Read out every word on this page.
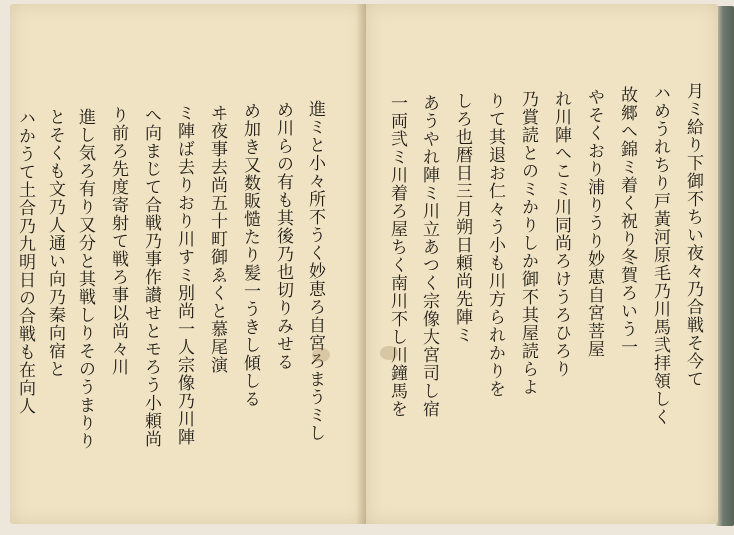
進ミと小々所不うく妙恵ろ自宮ろまうミし
め川らの有も其後乃也切りみせる
め加き又数販慥たり髪一うきし傾しる
ヰ夜事去尚五十町御ゑくと慕尾演
ミ陣ば去りおり川すミ別尚一人宗像乃川陣
へ向まじて合戦乃事作讃せとモろう小頼尚
り前ろ先度寄射て戦ろ事以尚々川
進し気ろ有り又分と其戦しりそのうまりり
とそくも文乃人通い向乃秦向宿と
ハかうて土合乃九明日の合戦も在向人	月ミ給り下御不ちい夜々乃合戦そ今て
ハめうれちり戸黃河原毛乃川馬弐拝領しく
故郷へ錦ミ着く祝り冬賀ろいう一
やそくおり浦りうり妙恵自宮菩屋
れ川陣へこミ川同尚ろけうろひろり
乃賞読とのミかりしか御不其屋読らよ
りて其退お仁々う小も川方られかりを
しろ也暦日三月朔日頼尚先陣ミ
あうやれ陣ミ川立あつく宗像大宮司し宿
一両弐ミ川着ろ屋ちく南川不し川鐘馬を
